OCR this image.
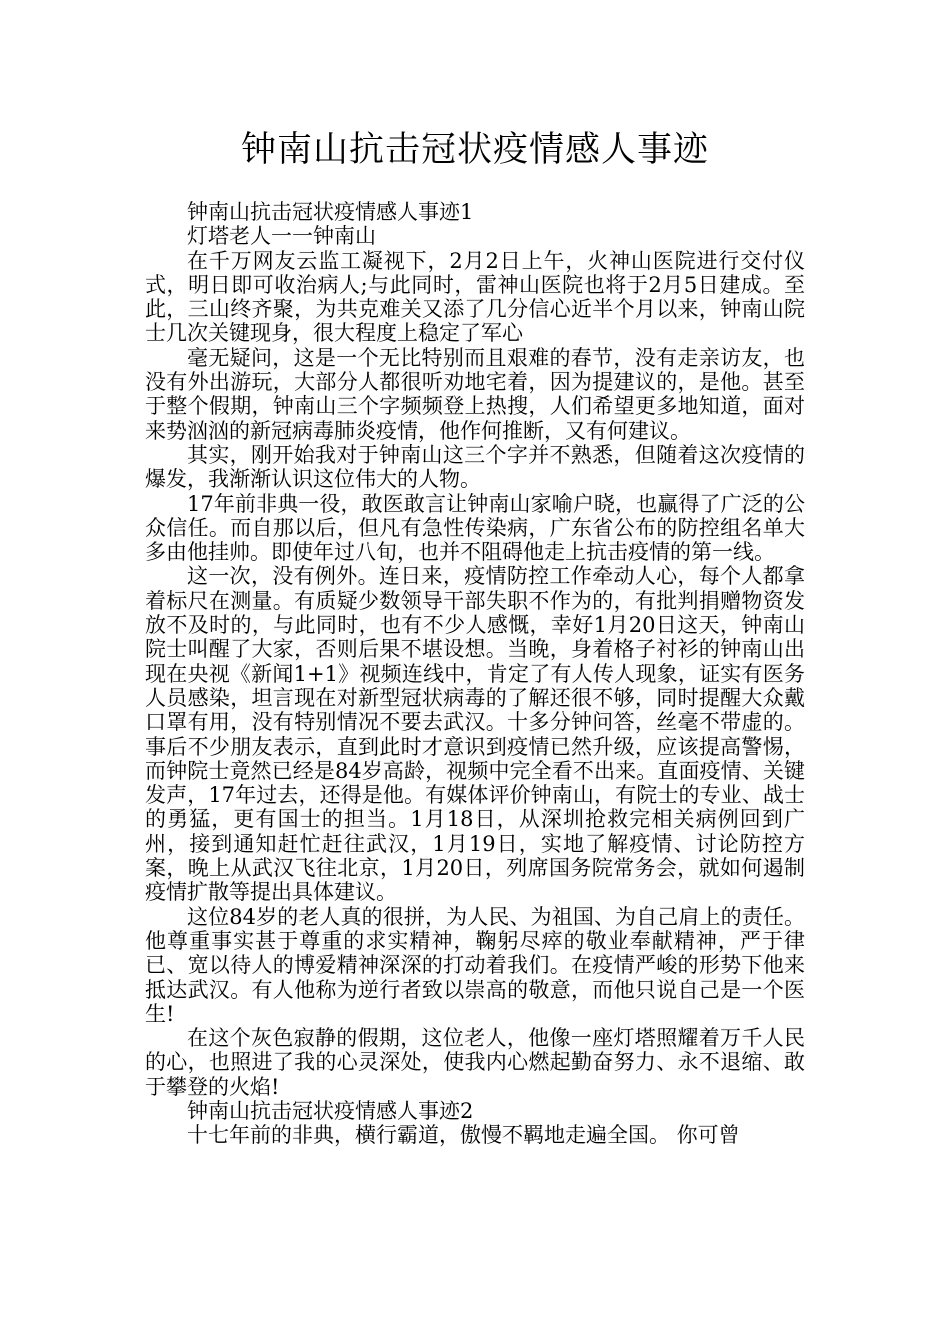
钟南山抗击冠状疫情感人事迹

钟南山抗击冠状疫情感人事迹1

灯塔老人一一钟南山

在千万网友云监工凝视下，2月2日上午，火神山医院进行交付仪式，明日即可收治病人;与此同时，雷神山医院也将于2月5日建成。至此，三山终齐聚，为共克难关又添了几分信心近半个月以来，钟南山院士几次关键现身，很大程度上稳定了军心

毫无疑问，这是一个无比特别而且艰难的春节，没有走亲访友，也没有外出游玩，大部分人都很听劝地宅着，因为提建议的，是他。甚至于整个假期，钟南山三个字频频登上热搜，人们希望更多地知道，面对来势汹汹的新冠病毒肺炎疫情，他作何推断，又有何建议。

其实，刚开始我对于钟南山这三个字并不熟悉，但随着这次疫情的爆发，我渐渐认识这位伟大的人物。

17年前非典一役，敢医敢言让钟南山家喻户晓，也赢得了广泛的公众信任。而自那以后，但凡有急性传染病，广东省公布的防控组名单大多由他挂帅。即使年过八旬，也并不阻碍他走上抗击疫情的第一线。

这一次，没有例外。连日来，疫情防控工作牵动人心，每个人都拿着标尺在测量。有质疑少数领导干部失职不作为的，有批判捐赠物资发放不及时的，与此同时，也有不少人感慨，幸好1月20日这天，钟南山院士叫醒了大家，否则后果不堪设想。当晚，身着格子衬衫的钟南山出现在央视《新闻1+1》视频连线中，肯定了有人传人现象，证实有医务人员感染，坦言现在对新型冠状病毒的了解还很不够，同时提醒大众戴口罩有用，没有特别情况不要去武汉。十多分钟问答，丝毫不带虚的。事后不少朋友表示，直到此时才意识到疫情已然升级，应该提高警惕，而钟院士竟然已经是84岁高龄，视频中完全看不出来。直面疫情、关键发声，17年过去，还得是他。有媒体评价钟南山，有院士的专业、战士的勇猛，更有国士的担当。1月18日，从深圳抢救完相关病例回到广州，接到通知赶忙赶往武汉，1月19日，实地了解疫情、讨论防控方案，晚上从武汉飞往北京，1月20日，列席国务院常务会，就如何遏制疫情扩散等提出具体建议。

这位84岁的老人真的很拼，为人民、为祖国、为自己肩上的责任。他尊重事实甚于尊重的求实精神，鞠躬尽瘁的敬业奉献精神，严于律已、宽以待人的博爱精神深深的打动着我们。在疫情严峻的形势下他来抵达武汉。有人他称为逆行者致以崇高的敬意，而他只说自己是一个医生!

在这个灰色寂静的假期，这位老人，他像一座灯塔照耀着万千人民的心，也照进了我的心灵深处，使我内心燃起勤奋努力、永不退缩、敢于攀登的火焰!

钟南山抗击冠状疫情感人事迹2

十七年前的非典，横行霸道，傲慢不羁地走遍全国。 你可曾
